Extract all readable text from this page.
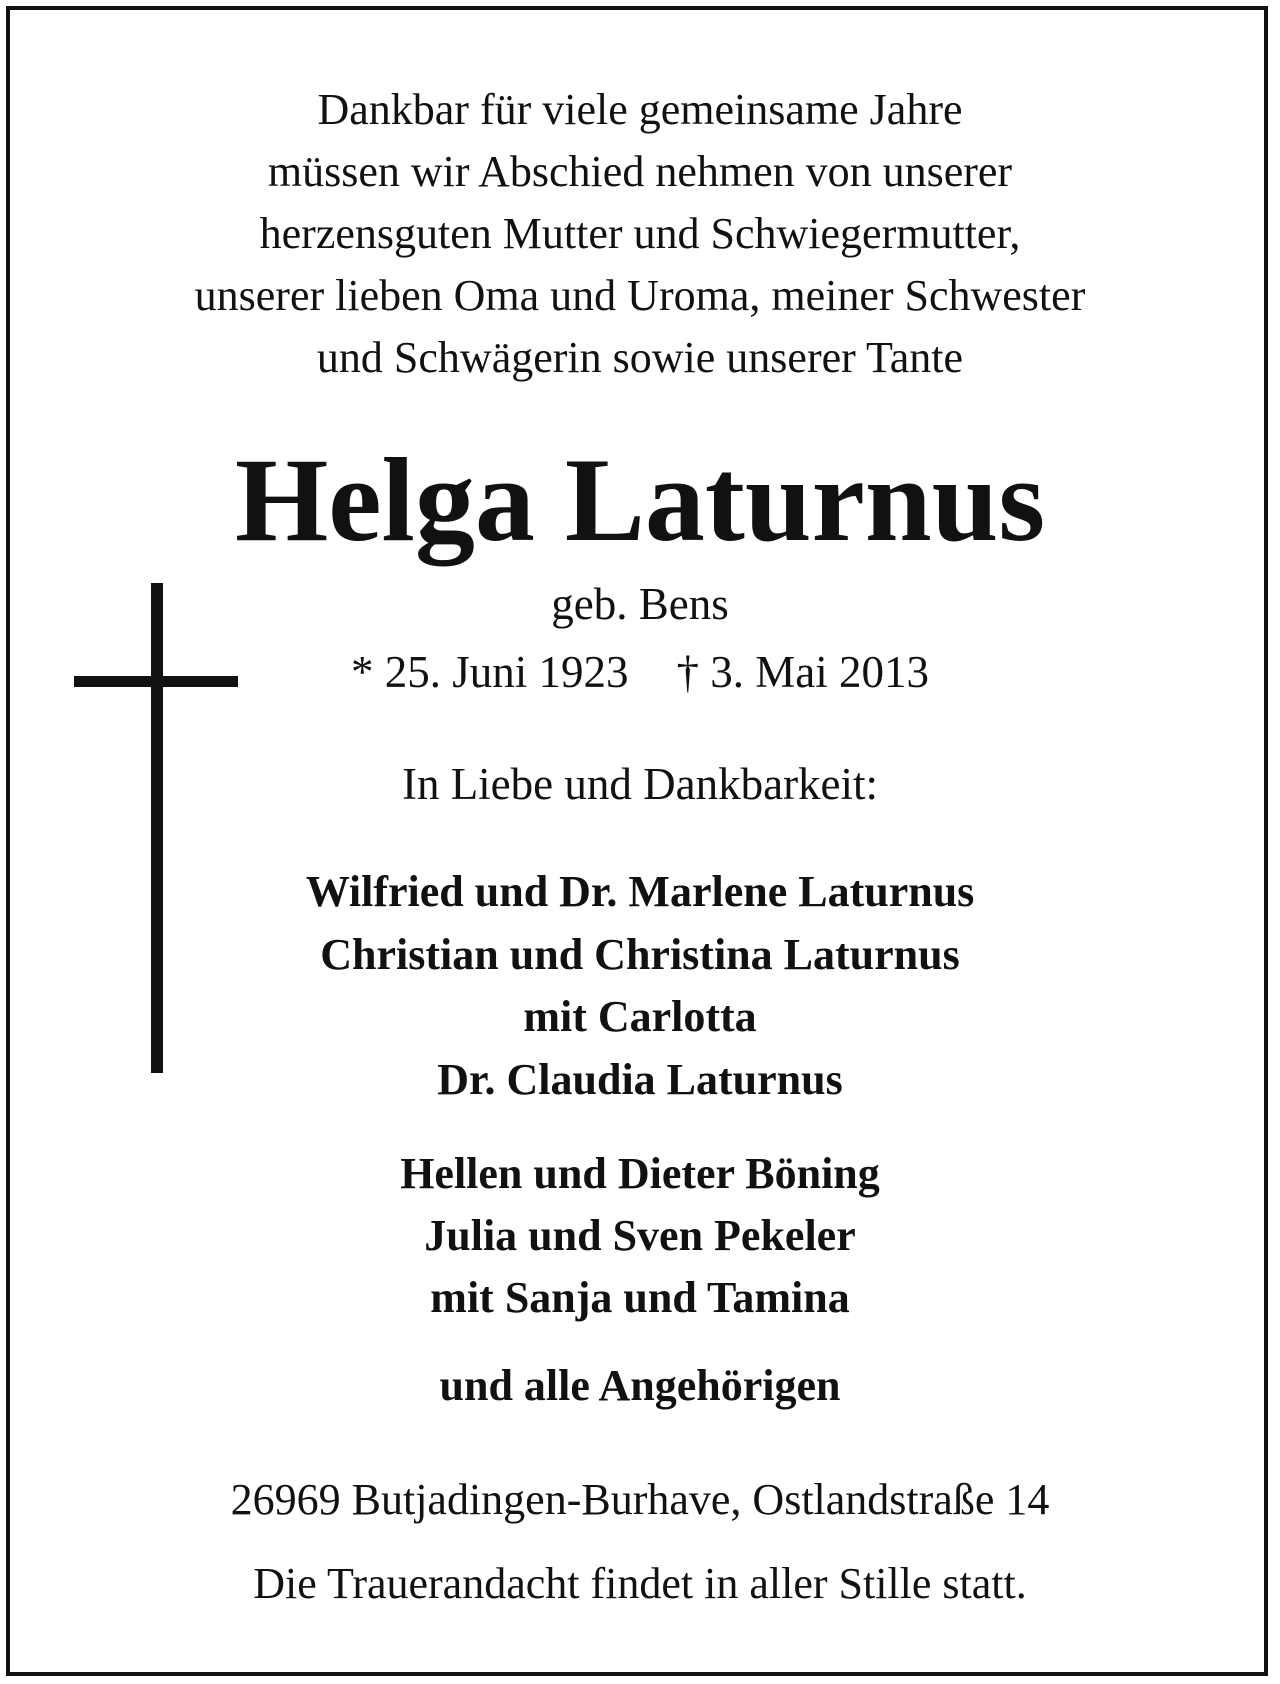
Dankbar für viele gemeinsame Jahre
müssen wir Abschied nehmen von unserer
herzensguten Mutter und Schwiegermutter,
unserer lieben Oma und Uroma, meiner Schwester
und Schwägerin sowie unserer Tante
Helga Laturnus
geb. Bens
* 25. Juni 1923 † 3. Mai 2013
In Liebe und Dankbarkeit:
Wilfried und Dr. Marlene Laturnus
Christian und Christina Laturnus
mit Carlotta
Dr. Claudia Laturnus
Hellen und Dieter Böning
Julia und Sven Pekeler
mit Sanja und Tamina
und alle Angehörigen
26969 Butjadingen-Burhave, Ostlandstraße 14
Die Trauerandacht findet in aller Stille statt.
